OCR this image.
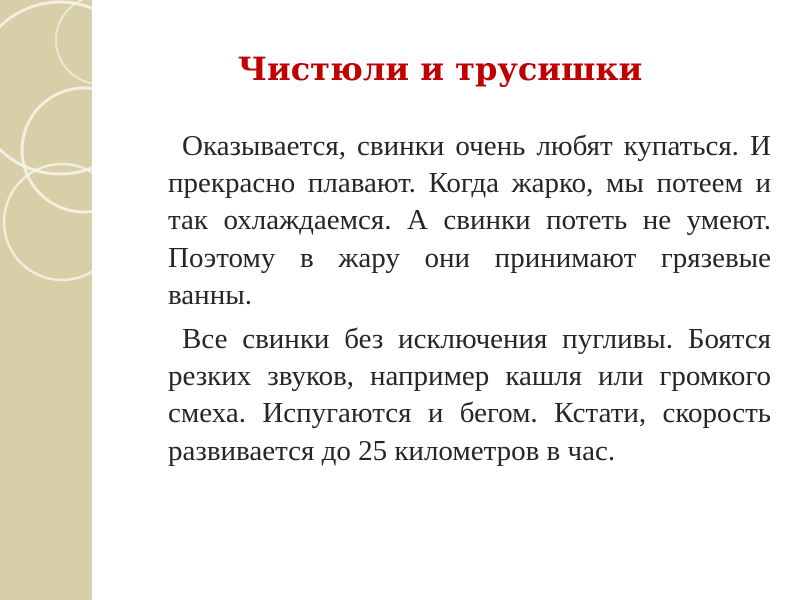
Чистюли и трусишки

Оказывается, свинки очень любят купаться. И прекрасно плавают. Когда жарко, мы потеем и так охлаждаемся. А свинки потеть не умеют. Поэтому в жару они принимают грязевые ванны.

Все свинки без исключения пугливы. Боятся резких звуков, например кашля или громкого смеха. Испугаются и бегом. Кстати, скорость развивается до 25 километров в час.
